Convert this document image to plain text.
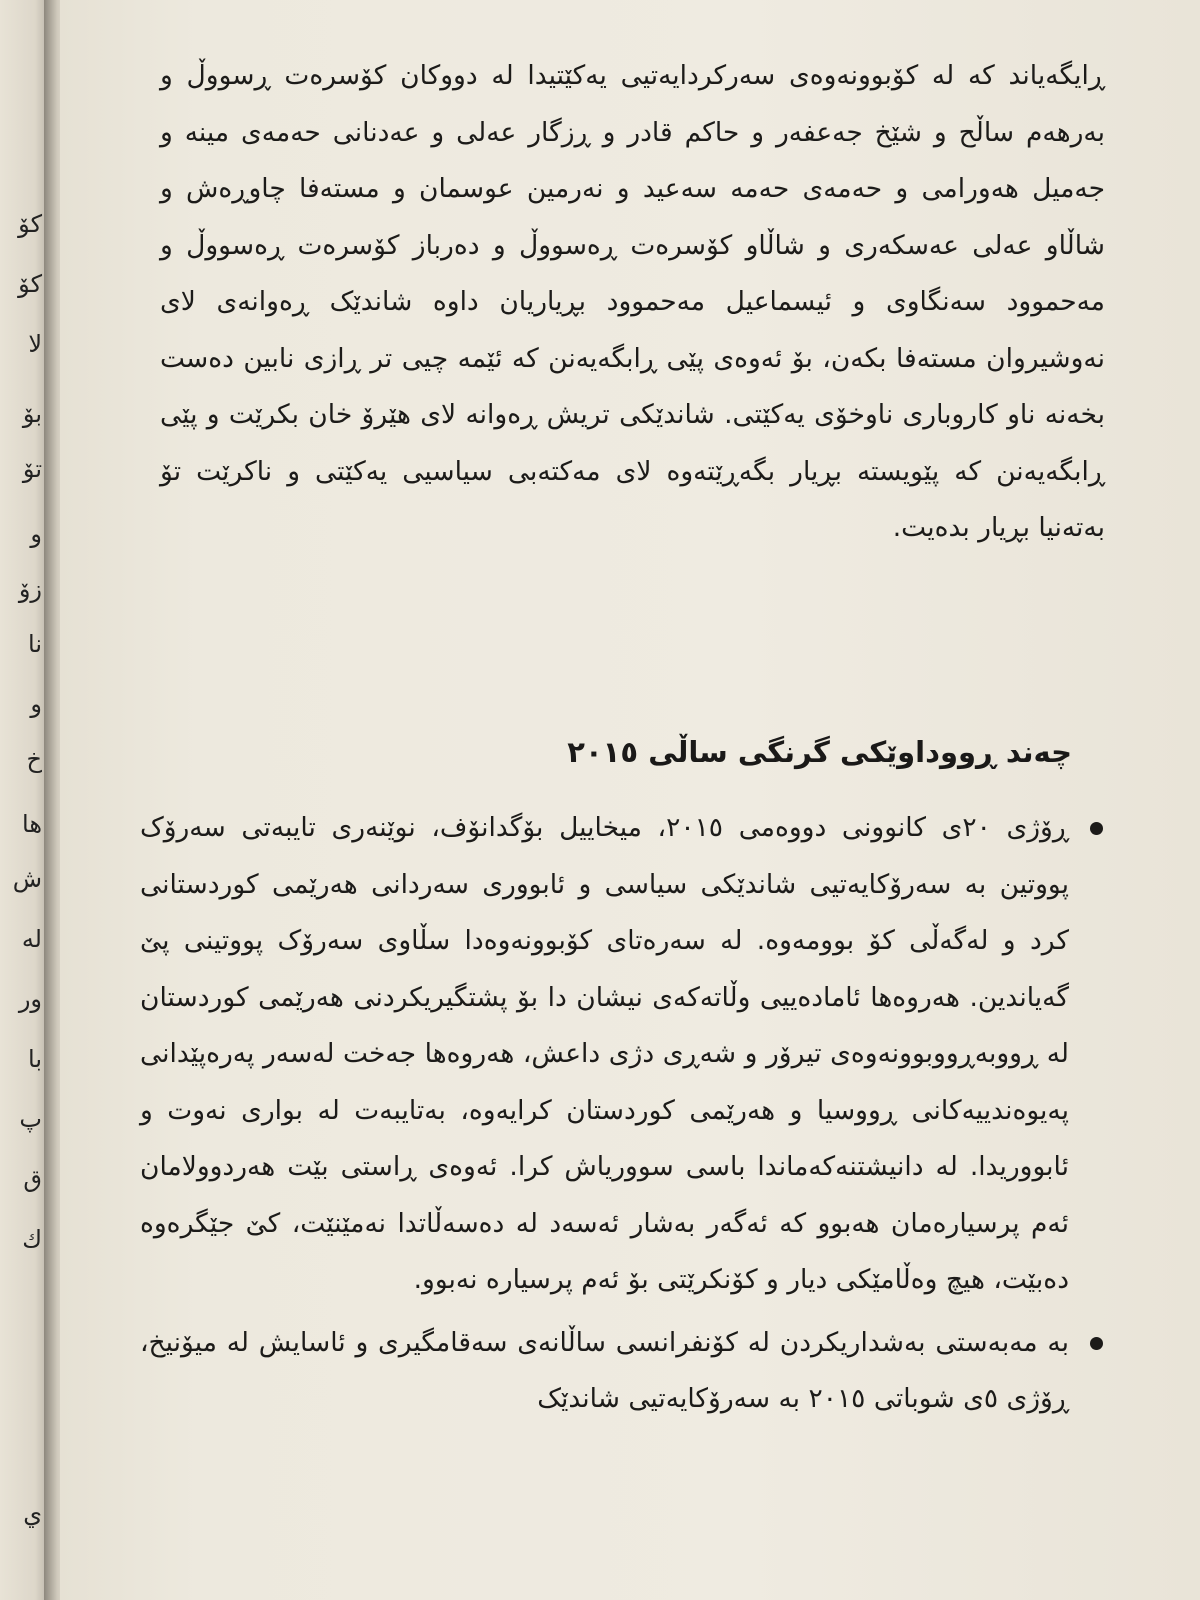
كۆ
كۆ
لا
بۆ
تۆ
و
زۆ
نا
و
خ
ها
ش
لە
ور
با
پ
ق
ك
ي

ڕایگەیاند کە لە کۆبوونەوەی سەرکردایەتیی یەکێتیدا لە دووکان کۆسرەت ڕسووڵ و بەرهەم ساڵح و شێخ جەعفەر و حاکم قادر و ڕزگار عەلی و عەدنانی حەمەی مینە و جەمیل هەورامی و حەمەی حەمە سەعید و نەرمین عوسمان و مستەفا چاوڕەش و شاڵاو عەلی عەسکەری و شاڵاو کۆسرەت ڕەسووڵ و دەرباز کۆسرەت ڕەسووڵ و مەحموود سەنگاوی و ئیسماعیل مەحموود بڕیاریان داوە شاندێک ڕەوانەی لای نەوشیروان مستەفا بکەن، بۆ ئەوەی پێی ڕابگەیەنن کە ئێمە چیی تر ڕازی نابین دەست بخەنە ناو کاروباری ناوخۆی یەکێتی. شاندێکی تریش ڕەوانە لای هێرۆ خان بکرێت و پێی ڕابگەیەنن کە پێویستە بڕیار بگەڕێتەوە لای مەکتەبی سیاسیی یەکێتی و ناکرێت تۆ بەتەنیا بڕیار بدەیت.

چەند ڕووداوێکی گرنگی ساڵی ٢٠١٥
ڕۆژی ٢٠ی کانوونی دووەمی ٢٠١٥، میخاییل بۆگدانۆف، نوێنەری تایبەتی سەرۆک پووتین بە سەرۆکایەتیی شاندێکی سیاسی و ئابووری سەردانی هەرێمی کوردستانی کرد و لەگەڵی کۆ بوومەوە. لە سەرەتای کۆبوونەوەدا سڵاوی سەرۆک پووتینی پێ گەیاندین. هەروەها ئامادەییی وڵاتەکەی نیشان دا بۆ پشتگیریکردنی هەرێمی کوردستان لە ڕووبەڕووبوونەوەی تیرۆر و شەڕی دژی داعش، هەروەها جەخت لەسەر پەرەپێدانی پەیوەندییەکانی ڕووسیا و هەرێمی کوردستان کرایەوە، بەتایبەت لە بواری نەوت و ئابووریدا. لە دانیشتنەکەماندا باسی سووریاش کرا. ئەوەی ڕاستی بێت هەردوولامان ئەم پرسیارەمان هەبوو کە ئەگەر بەشار ئەسەد لە دەسەڵاتدا نەمێنێت، کێ جێگرەوە دەبێت، هیچ وەڵامێکی دیار و کۆنکرێتی بۆ ئەم پرسیارە نەبوو.
بە مەبەستی بەشداریکردن لە کۆنفرانسی ساڵانەی سەقامگیری و ئاسایش لە میۆنیخ، ڕۆژی ٥ی شوباتی ٢٠١٥ بە سەرۆکایەتیی شاندێک
